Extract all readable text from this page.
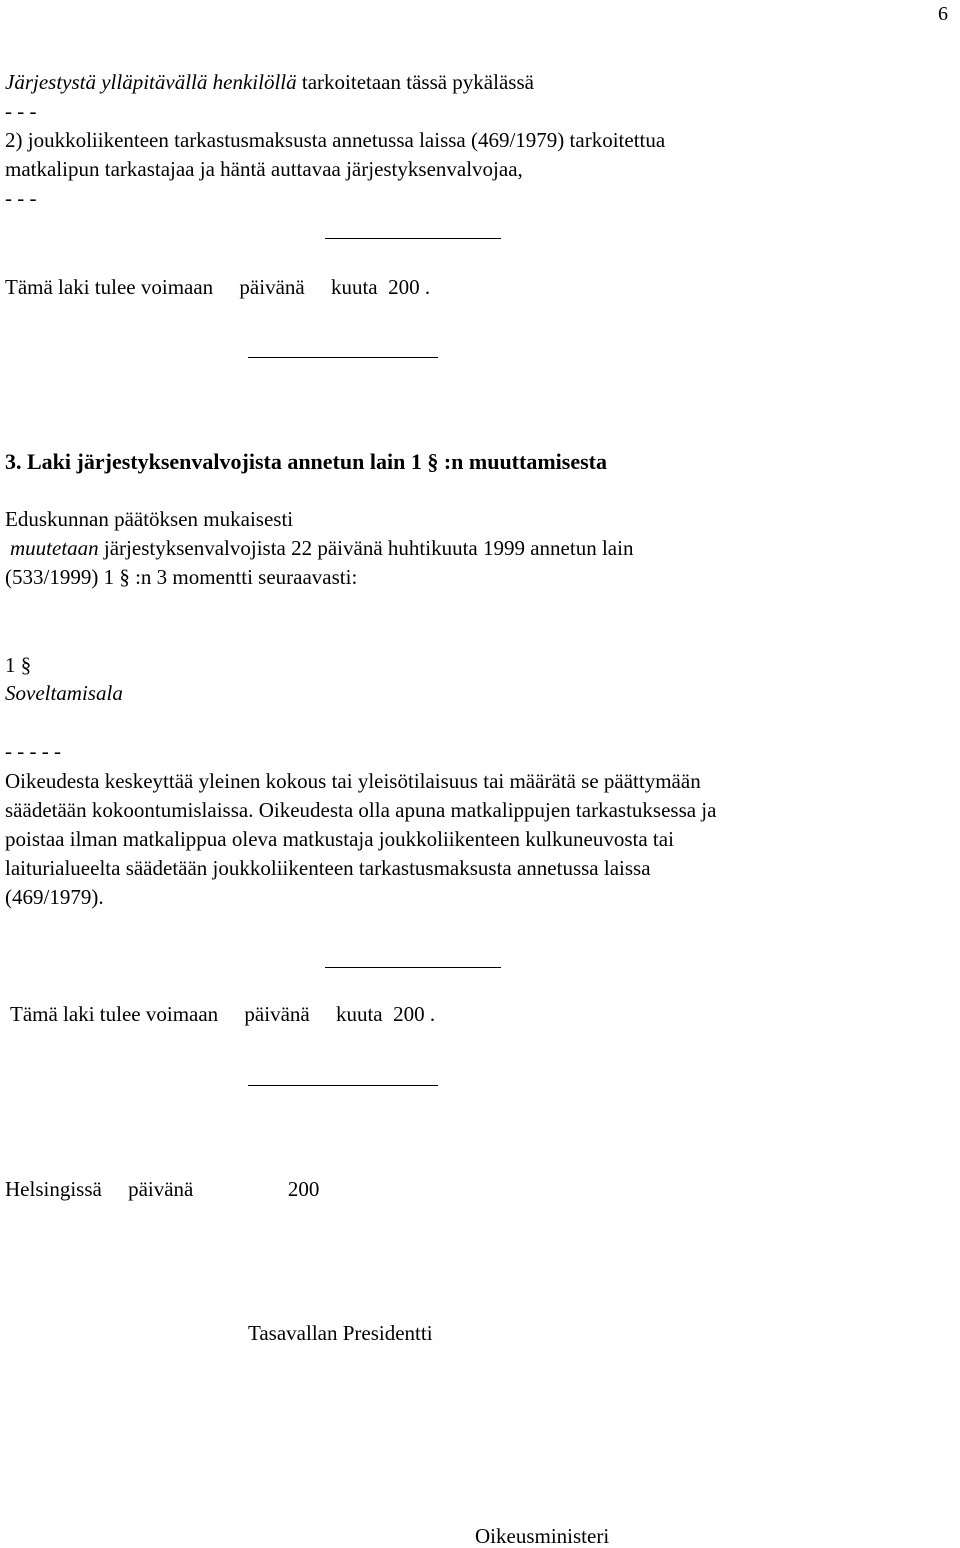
6
Järjestystä ylläpitävällä henkilöllä tarkoitetaan tässä pykälässä
- - -
2) joukkoliikenteen tarkastusmaksusta annetussa laissa (469/1979) tarkoitettua
matkalipun tarkastajaa ja häntä auttavaa järjestyksenvalvojaa,
- - -
Tämä laki tulee voimaan     päivänä     kuuta  200 .
3. Laki järjestyksenvalvojista annetun lain 1 § :n muuttamisesta
Eduskunnan päätöksen mukaisesti
muutetaan järjestyksenvalvojista 22 päivänä huhtikuuta 1999 annetun lain
(533/1999) 1 § :n 3 momentti seuraavasti:
1 §
Soveltamisala
- - - - -
Oikeudesta keskeyttää yleinen kokous tai yleisötilaisuus tai määrätä se päättymään
säädetään kokoontumislaissa. Oikeudesta olla apuna matkalippujen tarkastuksessa ja
poistaa ilman matkalippua oleva matkustaja joukkoliikenteen kulkuneuvosta tai
laiturialueelta säädetään joukkoliikenteen tarkastusmaksusta annetussa laissa
(469/1979).
Tämä laki tulee voimaan     päivänä     kuuta  200 .
Helsingissä     päivänä                  200
Tasavallan Presidentti
Oikeusministeri
